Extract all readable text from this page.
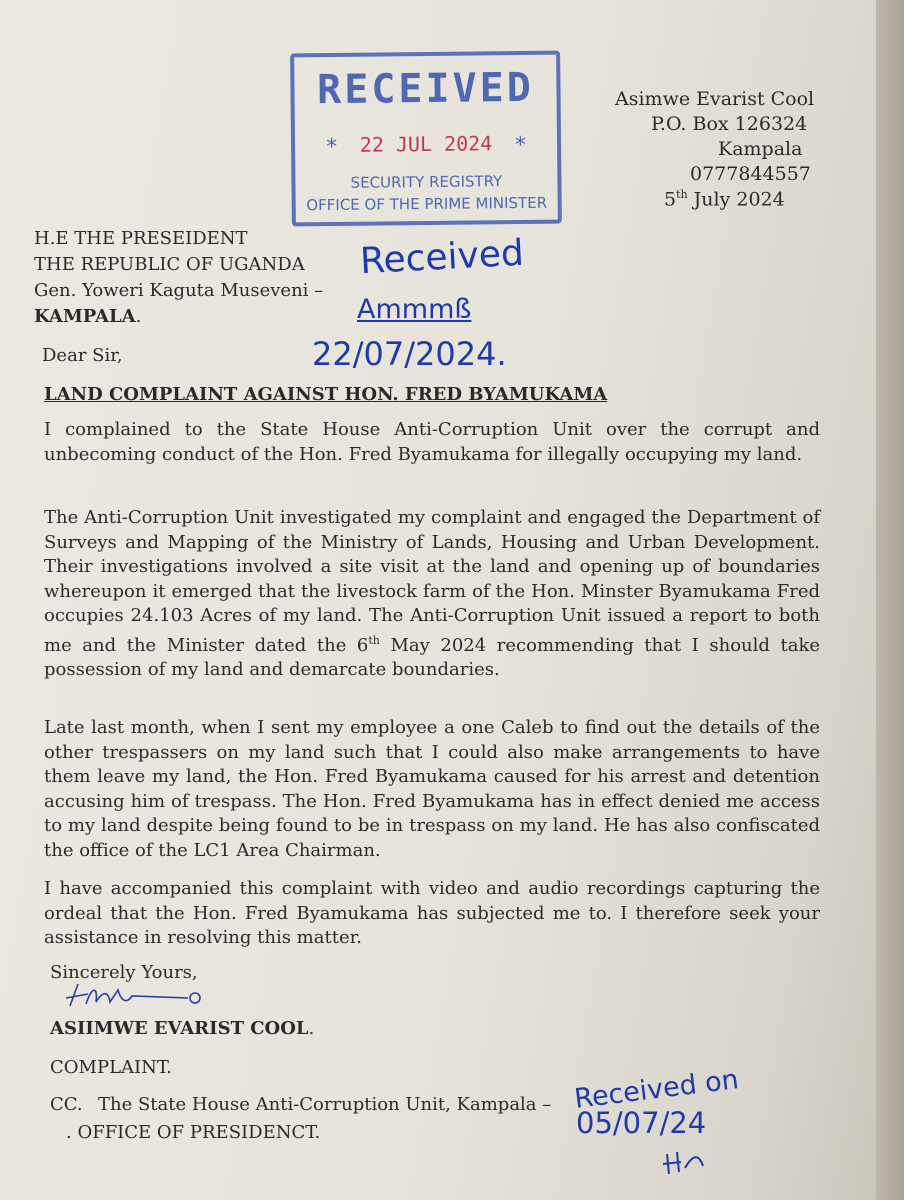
RECEIVED
*	22 JUL 2024 *
SECURITY REGISTRY
OFFICE OF THE PRIME MINISTER
Asimwe Evarist Cool
P.O. Box 126324
Kampala
0777844557
5th July 2024
H.E THE PRESEIDENT
THE REPUBLIC OF UGANDA
Gen. Yoweri Kaguta Museveni –
KAMPALA.
Received
Ammmß
22/07/2024.
Dear Sir,
LAND COMPLAINT AGAINST HON. FRED BYAMUKAMA
I complained to the State House Anti-Corruption Unit over the corrupt and unbecoming conduct of the Hon. Fred Byamukama for illegally occupying my land.
The Anti-Corruption Unit investigated my complaint and engaged the Department of Surveys and Mapping of the Ministry of Lands, Housing and Urban Development. Their investigations involved a site visit at the land and opening up of boundaries whereupon it emerged that the livestock farm of the Hon. Minster Byamukama Fred occupies 24.103 Acres of my land. The Anti-Corruption Unit issued a report to both me and the Minister dated the 6th May 2024 recommending that I should take possession of my land and demarcate boundaries.
Late last month, when I sent my employee a one Caleb to find out the details of the other trespassers on my land such that I could also make arrangements to have them leave my land, the Hon. Fred Byamukama caused for his arrest and detention accusing him of trespass. The Hon. Fred Byamukama has in effect denied me access to my land despite being found to be in trespass on my land. He has also confiscated the office of the LC1 Area Chairman.
I have accompanied this complaint with video and audio recordings capturing the ordeal that the Hon. Fred Byamukama has subjected me to. I therefore seek your assistance in resolving this matter.
Sincerely Yours,
ASIIMWE EVARIST COOL.
COMPLAINT.
CC. The State House Anti-Corruption Unit, Kampala –
. OFFICE OF PRESIDENCT.
Received on
05/07/24
